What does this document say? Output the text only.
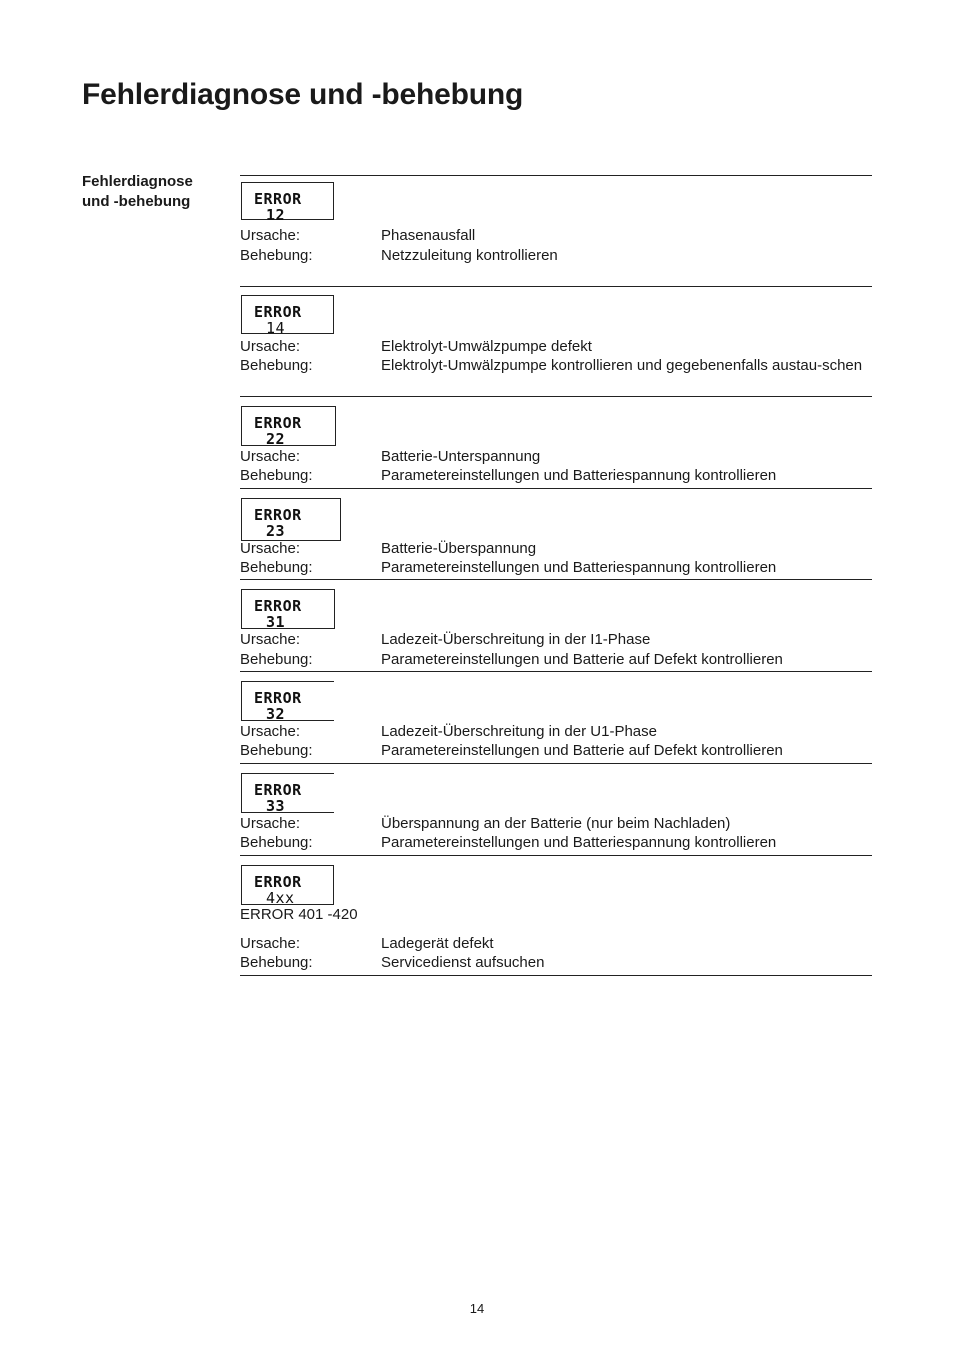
Fehlerdiagnose und -behebung
Fehlerdiagnose
und -behebung	ERROR
12
Ursache:	Phasenausfall
Behebung:	Netzzuleitung kontrollieren
ERROR
14
Ursache:	Elektrolyt-Umwälzpumpe defekt
Behebung:	Elektrolyt-Umwälzpumpe kontrollieren und gegebenenfalls austau-schen
ERROR
22
Ursache:	Batterie-Unterspannung
Behebung:	Parametereinstellungen und Batteriespannung kontrollieren
ERROR
23
Ursache:	Batterie-Überspannung
Behebung:	Parametereinstellungen und Batteriespannung kontrollieren
ERROR
31
Ursache:	Ladezeit-Überschreitung in der I1-Phase
Behebung:	Parametereinstellungen und Batterie auf Defekt kontrollieren
ERROR
32
Ursache:	Ladezeit-Überschreitung in der U1-Phase
Behebung:	Parametereinstellungen und Batterie auf Defekt kontrollieren
ERROR
33
Ursache:	Überspannung an der Batterie (nur beim Nachladen)
Behebung:	Parametereinstellungen und Batteriespannung kontrollieren
ERROR
4xx
ERROR 401 -420
Ursache:	Ladegerät defekt
Behebung:	Servicedienst aufsuchen
14
